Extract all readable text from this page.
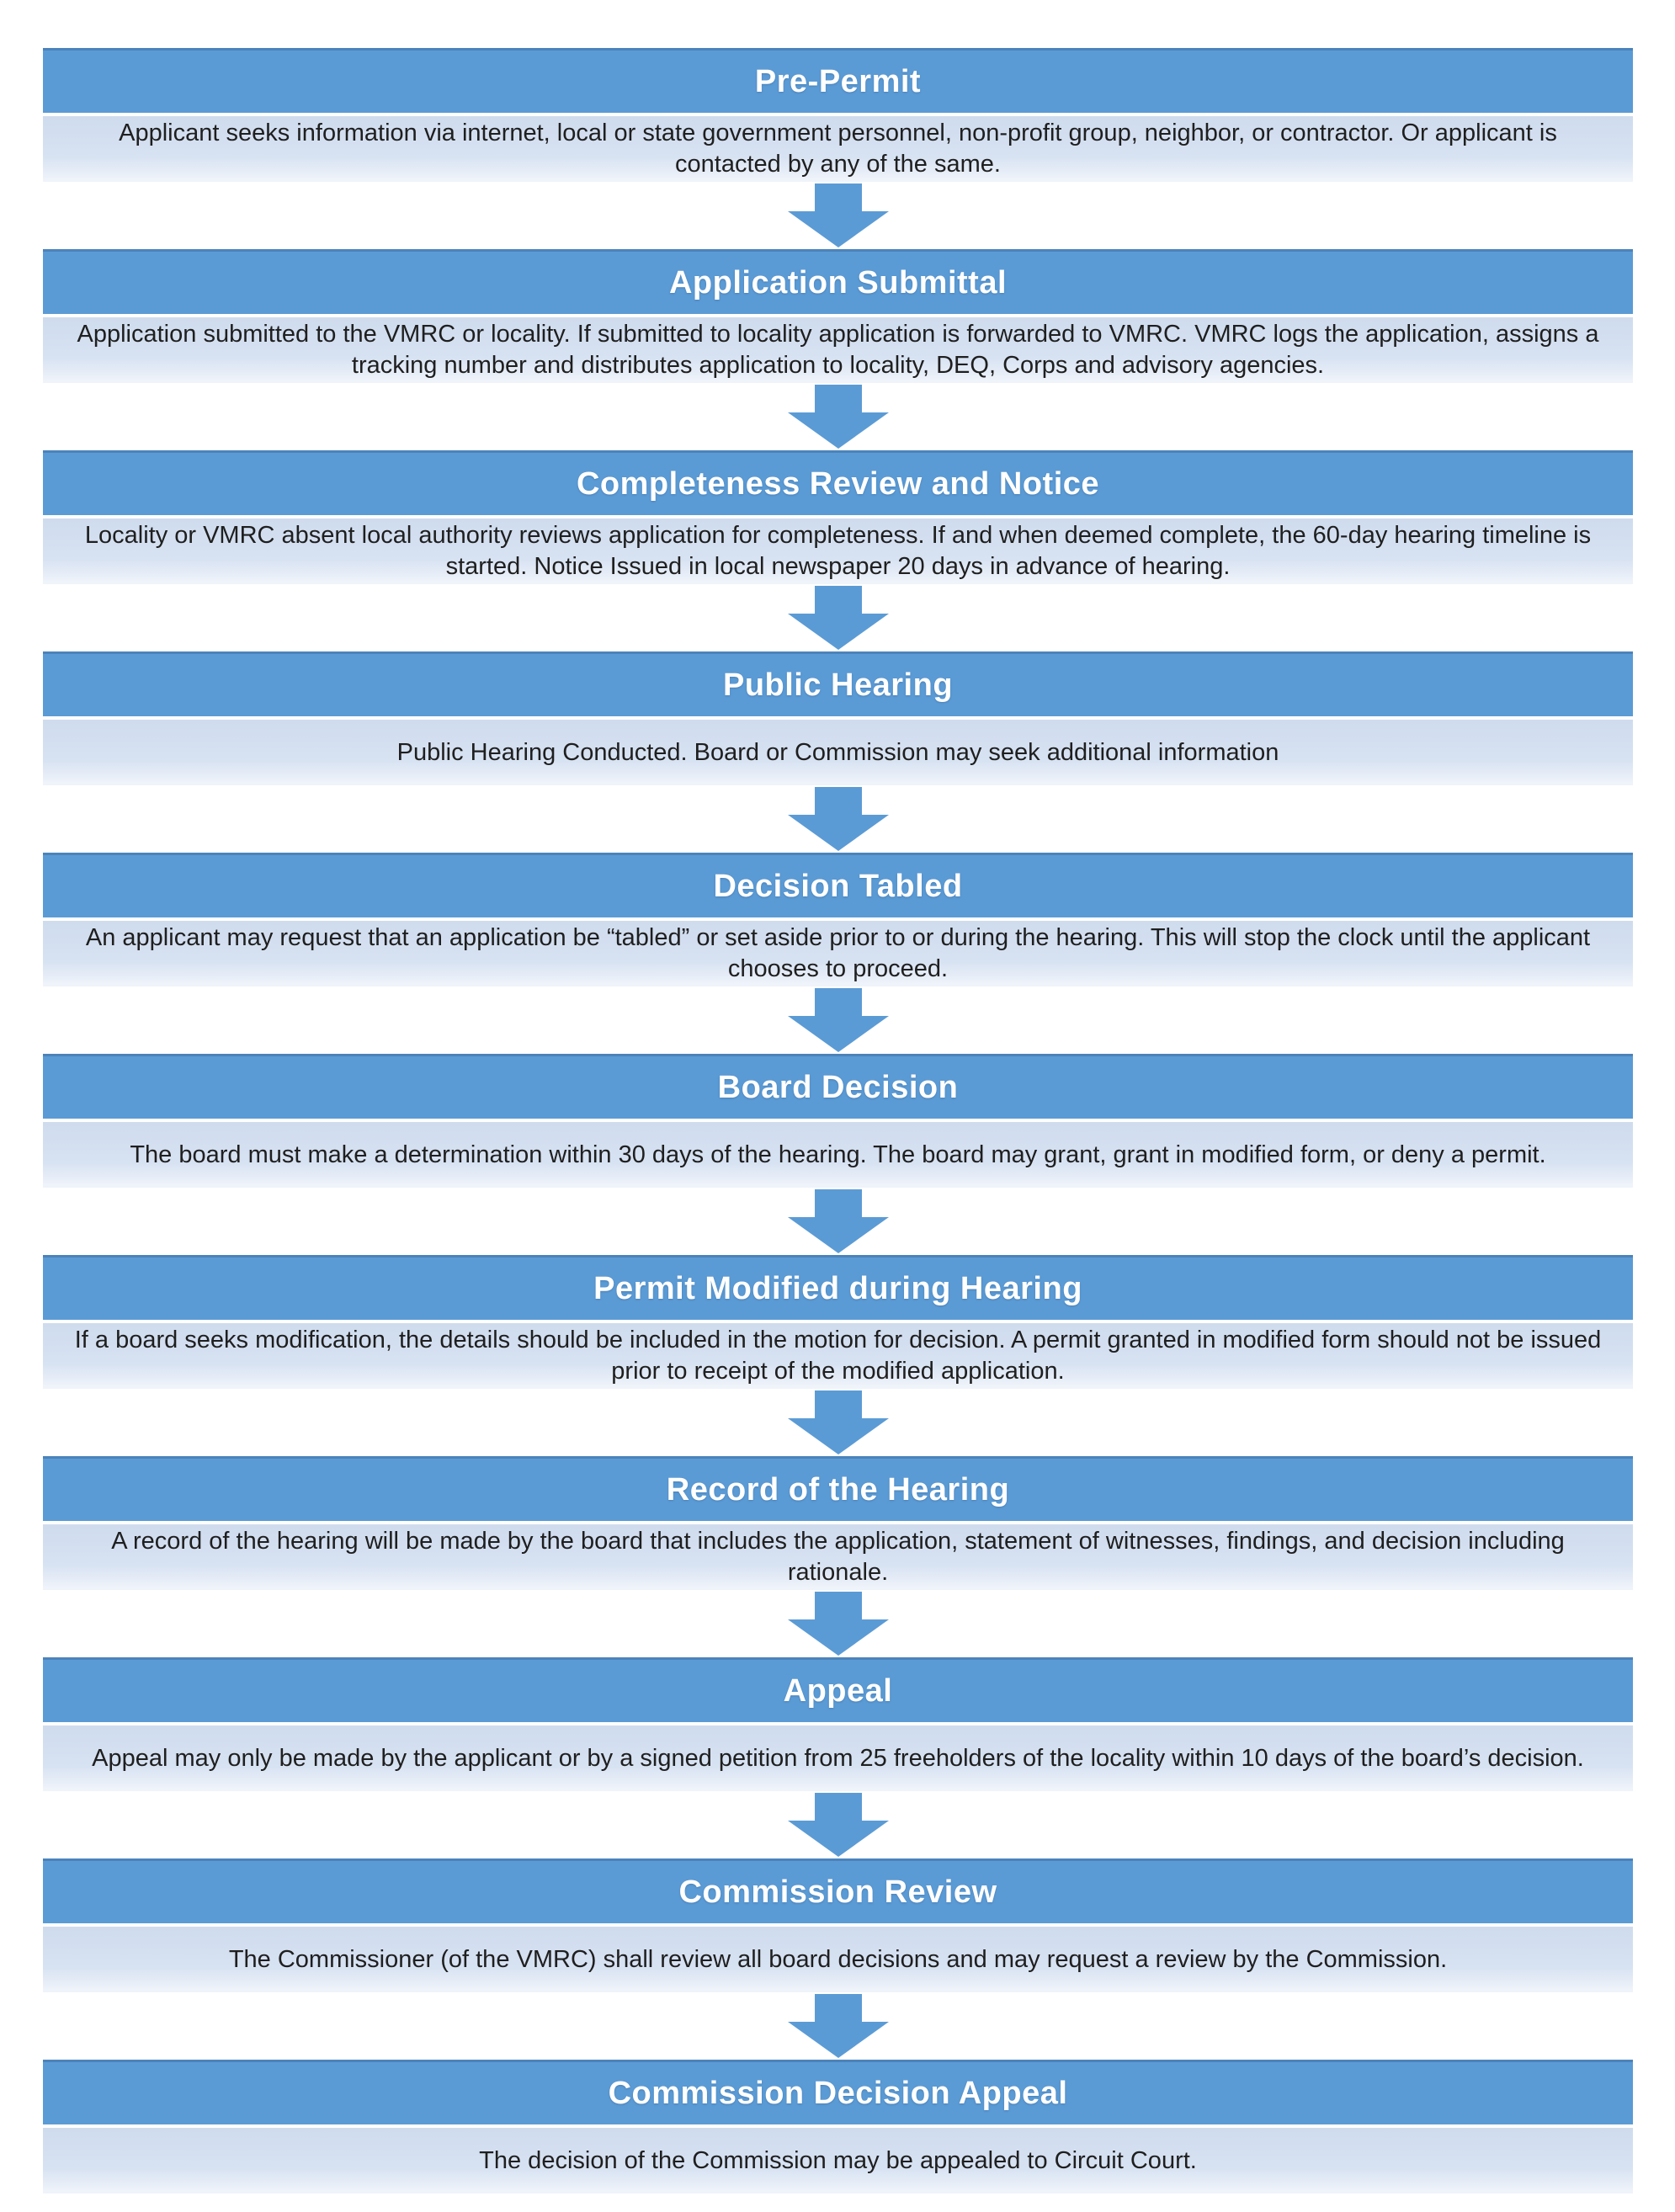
Pre-Permit
Applicant seeks information via internet, local or state government personnel, non-profit group, neighbor, or contractor. Or applicant is contacted by any of the same.
Application Submittal
Application submitted to the VMRC or locality. If submitted to locality application is forwarded to VMRC. VMRC logs the application, assigns a tracking number and distributes application to locality, DEQ, Corps and advisory agencies.
Completeness Review and Notice
Locality or VMRC absent local authority reviews application for completeness. If and when deemed complete, the 60-day hearing timeline is started. Notice Issued in local newspaper 20 days in advance of hearing.
Public Hearing
Public Hearing Conducted. Board or Commission may seek additional information
Decision Tabled
An applicant may request that an application be “tabled” or set aside prior to or during the hearing. This will stop the clock until the applicant chooses to proceed.
Board Decision
The board must make a determination within 30 days of the hearing. The board may grant, grant in modified form, or deny a permit.
Permit Modified during Hearing
If a board seeks modification, the details should be included in the motion for decision. A permit granted in modified form should not be issued prior to receipt of the modified application.
Record of the Hearing
A record of the hearing will be made by the board that includes the application, statement of witnesses, findings, and decision including rationale.
Appeal
Appeal may only be made by the applicant or by a signed petition from 25 freeholders of the locality within 10 days of the board’s decision.
Commission Review
The Commissioner (of the VMRC) shall review all board decisions and may request a review by the Commission.
Commission Decision Appeal
The decision of the Commission may be appealed to Circuit Court.
